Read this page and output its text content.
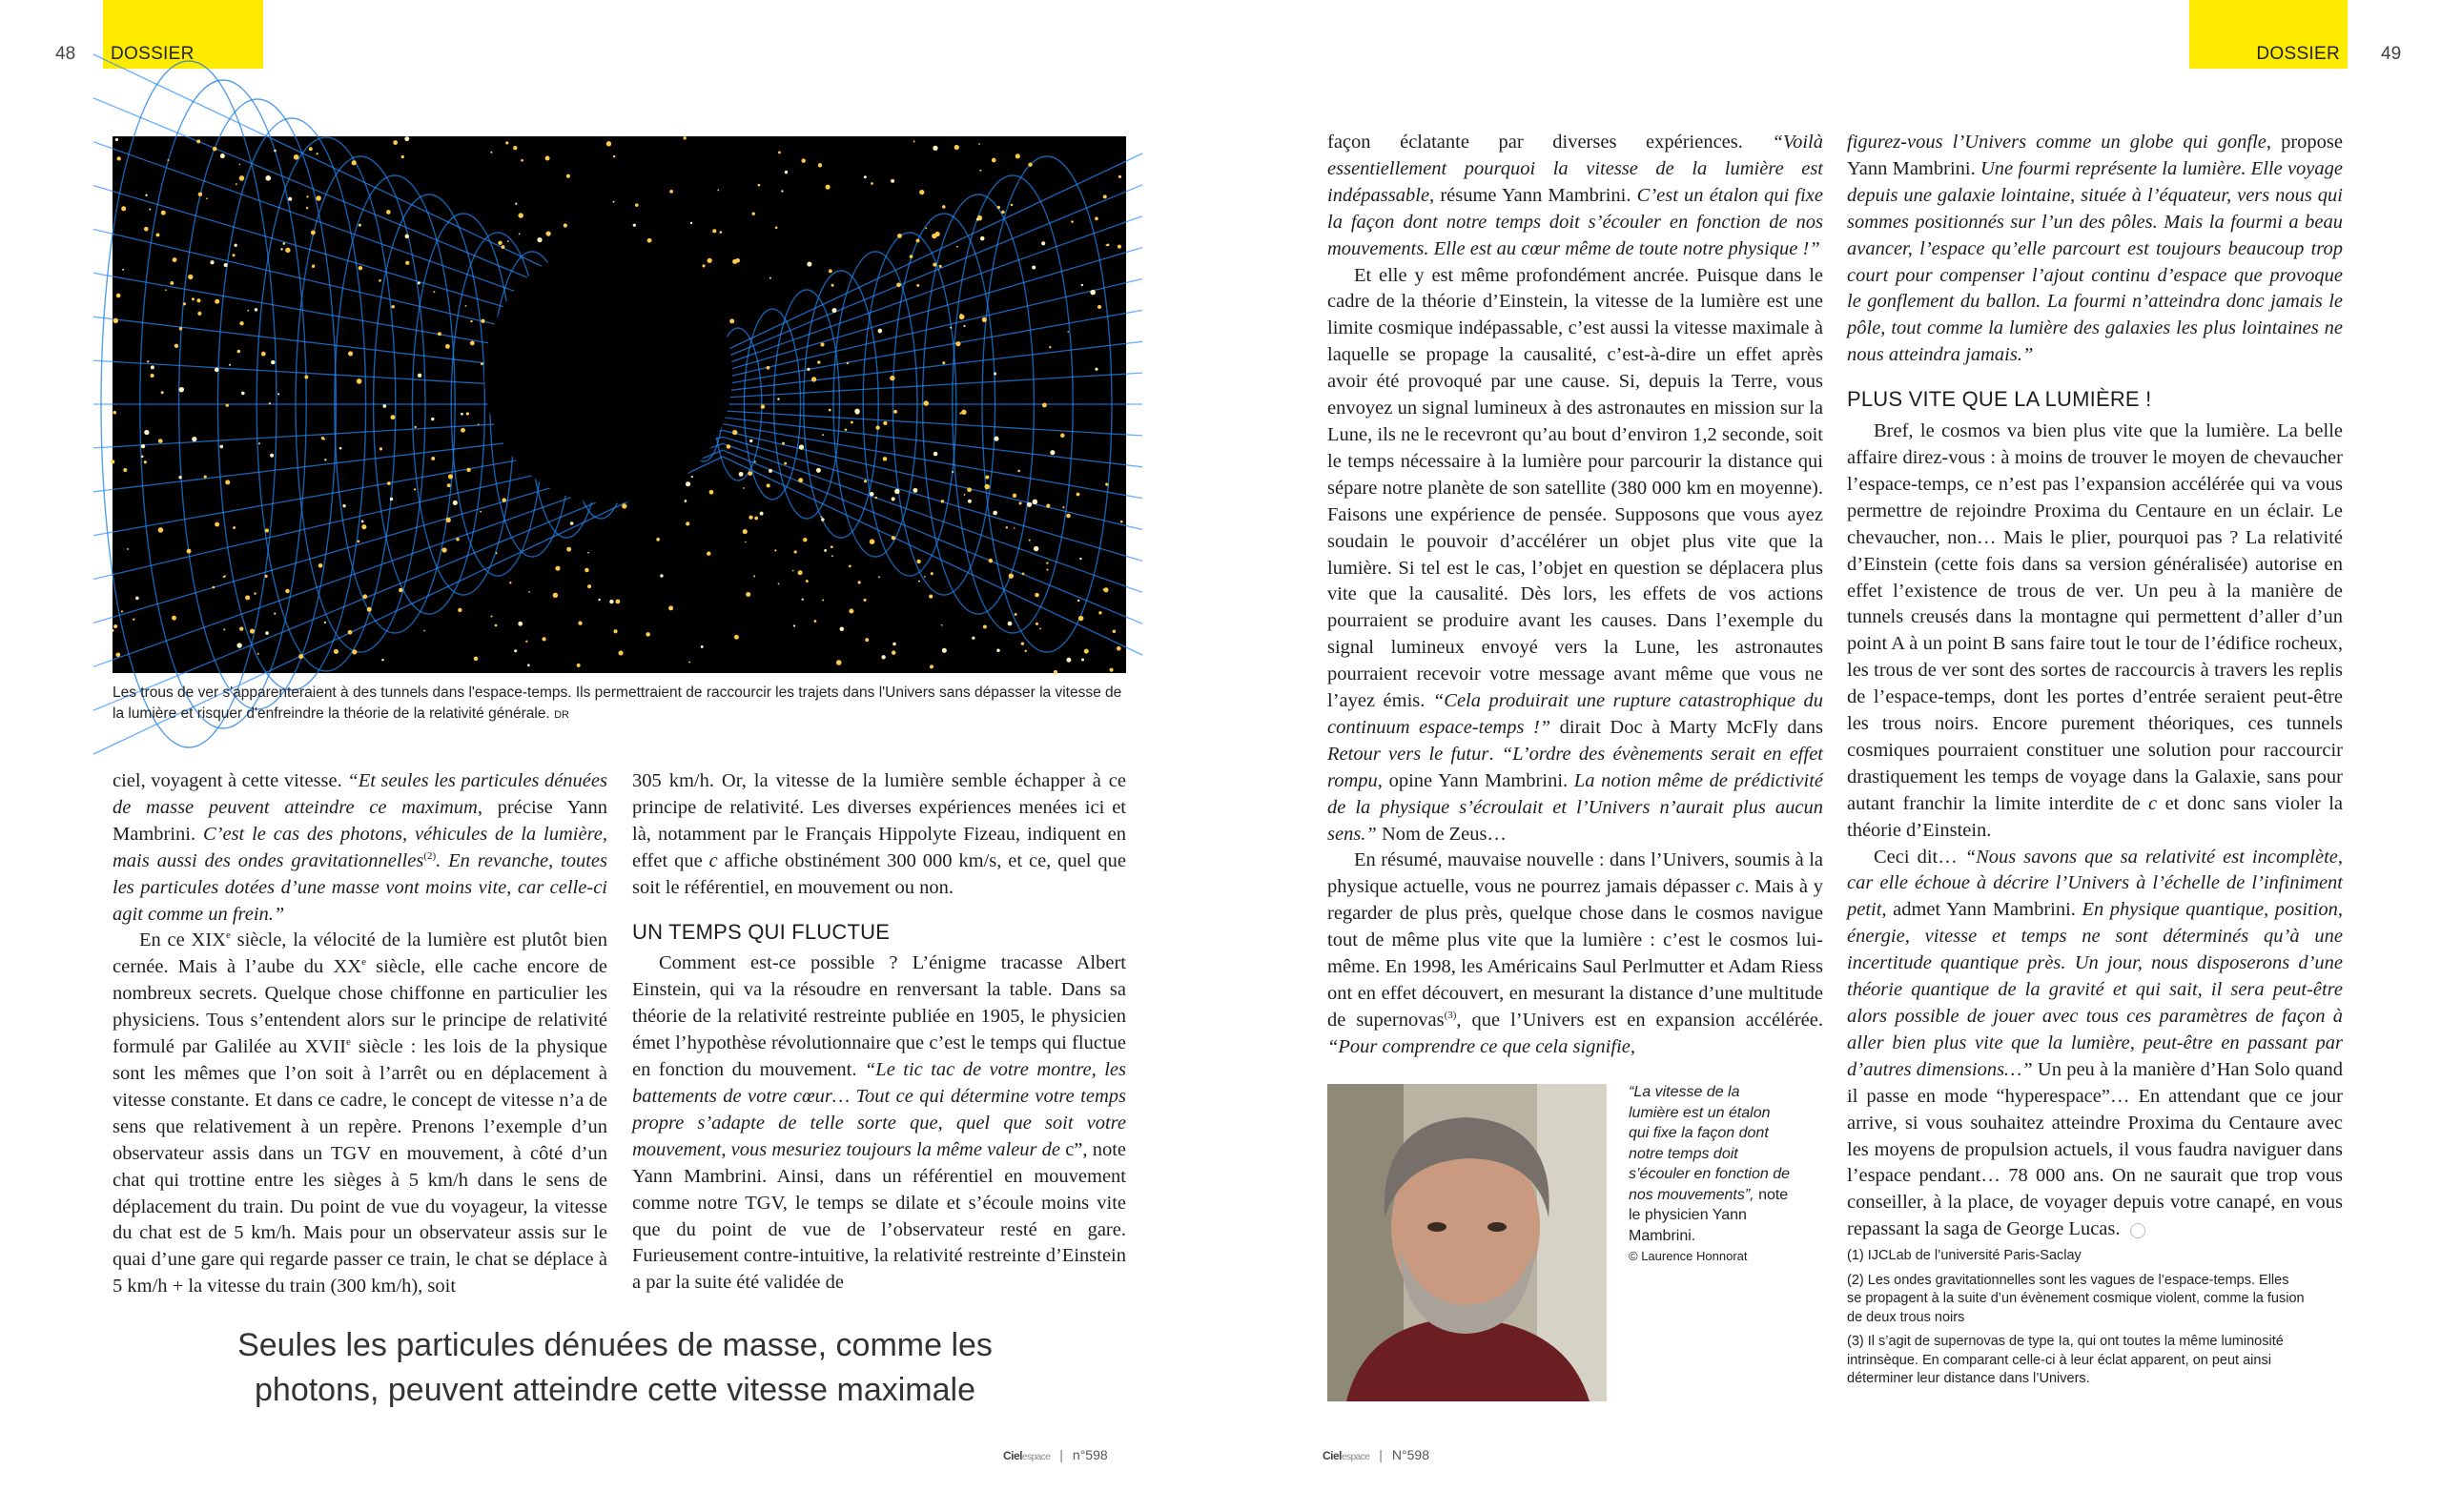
48	DOSSIER	DOSSIER	49
Les trous de ver s'apparenteraient à des tunnels dans l'espace-temps. Ils permettraient de raccourcir les trajets dans l'Univers sans dépasser la vitesse de la lumière et risquer d'enfreindre la théorie de la relativité générale. DR

ciel, voyagent à cette vitesse. “Et seules les particules dénuées de masse peuvent atteindre ce maximum, précise Yann Mambrini. C’est le cas des photons, véhicules de la lumière, mais aussi des ondes gravitationnelles$^{(2)}$. En revanche, toutes les particules dotées d’une masse vont moins vite, car celle-ci agit comme un frein.”

En ce XIXe siècle, la vélocité de la lumière est plutôt bien cernée. Mais à l’aube du XXe siècle, elle cache encore de nombreux secrets. Quelque chose chiffonne en particulier les physiciens. Tous s’entendent alors sur le principe de relativité formulé par Galilée au XVIIe siècle : les lois de la physique sont les mêmes que l’on soit à l’arrêt ou en déplacement à vitesse constante. Et dans ce cadre, le concept de vitesse n’a de sens que relativement à un repère. Prenons l’exemple d’un observateur assis dans un TGV en mouvement, à côté d’un chat qui trottine entre les sièges à 5 km/h dans le sens de déplacement du train. Du point de vue du voyageur, la vitesse du chat est de 5 km/h. Mais pour un observateur assis sur le quai d’une gare qui regarde passer ce train, le chat se déplace à 5 km/h + la vitesse du train (300 km/h), soit

305 km/h. Or, la vitesse de la lumière semble échapper à ce principe de relativité. Les diverses expériences menées ici et là, notamment par le Français Hippolyte Fizeau, indiquent en effet que c affiche obstinément 300 000 km/s, et ce, quel que soit le référentiel, en mouvement ou non.

UN TEMPS QUI FLUCTUE

Comment est-ce possible ? L’énigme tracasse Albert Einstein, qui va la résoudre en renversant la table. Dans sa théorie de la relativité restreinte publiée en 1905, le physicien émet l’hypothèse révolutionnaire que c’est le temps qui fluctue en fonction du mouvement. “Le tic tac de votre montre, les battements de votre cœur… Tout ce qui détermine votre temps propre s’adapte de telle sorte que, quel que soit votre mouvement, vous mesuriez toujours la même valeur de c”, note Yann Mambrini. Ainsi, dans un référentiel en mouvement comme notre TGV, le temps se dilate et s’écoule moins vite que du point de vue de l’observateur resté en gare. Furieusement contre-intuitive, la relativité restreinte d’Einstein a par la suite été validée de

façon éclatante par diverses expériences. “Voilà essentiellement pourquoi la vitesse de la lumière est indépassable, résume Yann Mambrini. C’est un étalon qui fixe la façon dont notre temps doit s’écouler en fonction de nos mouvements. Elle est au cœur même de toute notre physique !”

Et elle y est même profondément ancrée. Puisque dans le cadre de la théorie d’Einstein, la vitesse de la lumière est une limite cosmique indépassable, c’est aussi la vitesse maximale à laquelle se propage la causalité, c’est-à-dire un effet après avoir été provoqué par une cause. Si, depuis la Terre, vous envoyez un signal lumineux à des astronautes en mission sur la Lune, ils ne le recevront qu’au bout d’environ 1,2 seconde, soit le temps nécessaire à la lumière pour parcourir la distance qui sépare notre planète de son satellite (380 000 km en moyenne). Faisons une expérience de pensée. Supposons que vous ayez soudain le pouvoir d’accélérer un objet plus vite que la lumière. Si tel est le cas, l’objet en question se déplacera plus vite que la causalité. Dès lors, les effets de vos actions pourraient se produire avant les causes. Dans l’exemple du signal lumineux envoyé vers la Lune, les astronautes pourraient recevoir votre message avant même que vous ne l’ayez émis. “Cela produirait une rupture catastrophique du continuum espace-temps !” dirait Doc à Marty McFly dans Retour vers le futur. “L’ordre des évènements serait en effet rompu, opine Yann Mambrini. La notion même de prédictivité de la physique s’écroulait et l’Univers n’aurait plus aucun sens.” Nom de Zeus…

En résumé, mauvaise nouvelle : dans l’Univers, soumis à la physique actuelle, vous ne pourrez jamais dépasser c. Mais à y regarder de plus près, quelque chose dans le cosmos navigue tout de même plus vite que la lumière : c’est le cosmos lui-même. En 1998, les Américains Saul Perlmutter et Adam Riess ont en effet découvert, en mesurant la distance d’une multitude de supernovas$^{(3)}$, que l’Univers est en expansion accélérée. “Pour comprendre ce que cela signifie,

figurez-vous l’Univers comme un globe qui gonfle, propose Yann Mambrini. Une fourmi représente la lumière. Elle voyage depuis une galaxie lointaine, située à l’équateur, vers nous qui sommes positionnés sur l’un des pôles. Mais la fourmi a beau avancer, l’espace qu’elle parcourt est toujours beaucoup trop court pour compenser l’ajout continu d’espace que provoque le gonflement du ballon. La fourmi n’atteindra donc jamais le pôle, tout comme la lumière des galaxies les plus lointaines ne nous atteindra jamais.”

PLUS VITE QUE LA LUMIÈRE !

Bref, le cosmos va bien plus vite que la lumière. La belle affaire direz-vous : à moins de trouver le moyen de chevaucher l’espace-temps, ce n’est pas l’expansion accélérée qui va vous permettre de rejoindre Proxima du Centaure en un éclair. Le chevaucher, non… Mais le plier, pourquoi pas ? La relativité d’Einstein (cette fois dans sa version généralisée) autorise en effet l’existence de trous de ver. Un peu à la manière de tunnels creusés dans la montagne qui permettent d’aller d’un point A à un point B sans faire tout le tour de l’édifice rocheux, les trous de ver sont des sortes de raccourcis à travers les replis de l’espace-temps, dont les portes d’entrée seraient peut-être les trous noirs. Encore purement théoriques, ces tunnels cosmiques pourraient constituer une solution pour raccourcir drastiquement les temps de voyage dans la Galaxie, sans pour autant franchir la limite interdite de c et donc sans violer la théorie d’Einstein.

Ceci dit… “Nous savons que sa relativité est incomplète, car elle échoue à décrire l’Univers à l’échelle de l’infiniment petit, admet Yann Mambrini. En physique quantique, position, énergie, vitesse et temps ne sont déterminés qu’à une incertitude quantique près. Un jour, nous disposerons d’une théorie quantique de la gravité et qui sait, il sera peut-être alors possible de jouer avec tous ces paramètres de façon à aller bien plus vite que la lumière, peut-être en passant par d’autres dimensions…” Un peu à la manière d’Han Solo quand il passe en mode “hyperespace”… En attendant que ce jour arrive, si vous souhaitez atteindre Proxima du Centaure avec les moyens de propulsion actuels, il vous faudra naviguer dans l’espace pendant… 78 000 ans. On ne saurait que trop vous conseiller, à la place, de voyager depuis votre canapé, en vous repassant la saga de George Lucas.

Seules les particules dénuées de masse, comme les photons, peuvent atteindre cette vitesse maximale
“La vitesse de la lumière est un étalon qui fixe la façon dont notre temps doit s’écouler en fonction de nos mouvements”, note le physicien Yann Mambrini.
© Laurence Honnorat	(1) IJCLab de l’université Paris-Saclay
(2) Les ondes gravitationnelles sont les vagues de l’espace-temps. Elles se propagent à la suite d’un évènement cosmique violent, comme la fusion de deux trous noirs
(3) Il s’agit de supernovas de type Ia, qui ont toutes la même luminosité intrinsèque. En comparant celle-ci à leur éclat apparent, on peut ainsi déterminer leur distance dans l’Univers.
Cielespace | n°598	Cielespace | N°598
